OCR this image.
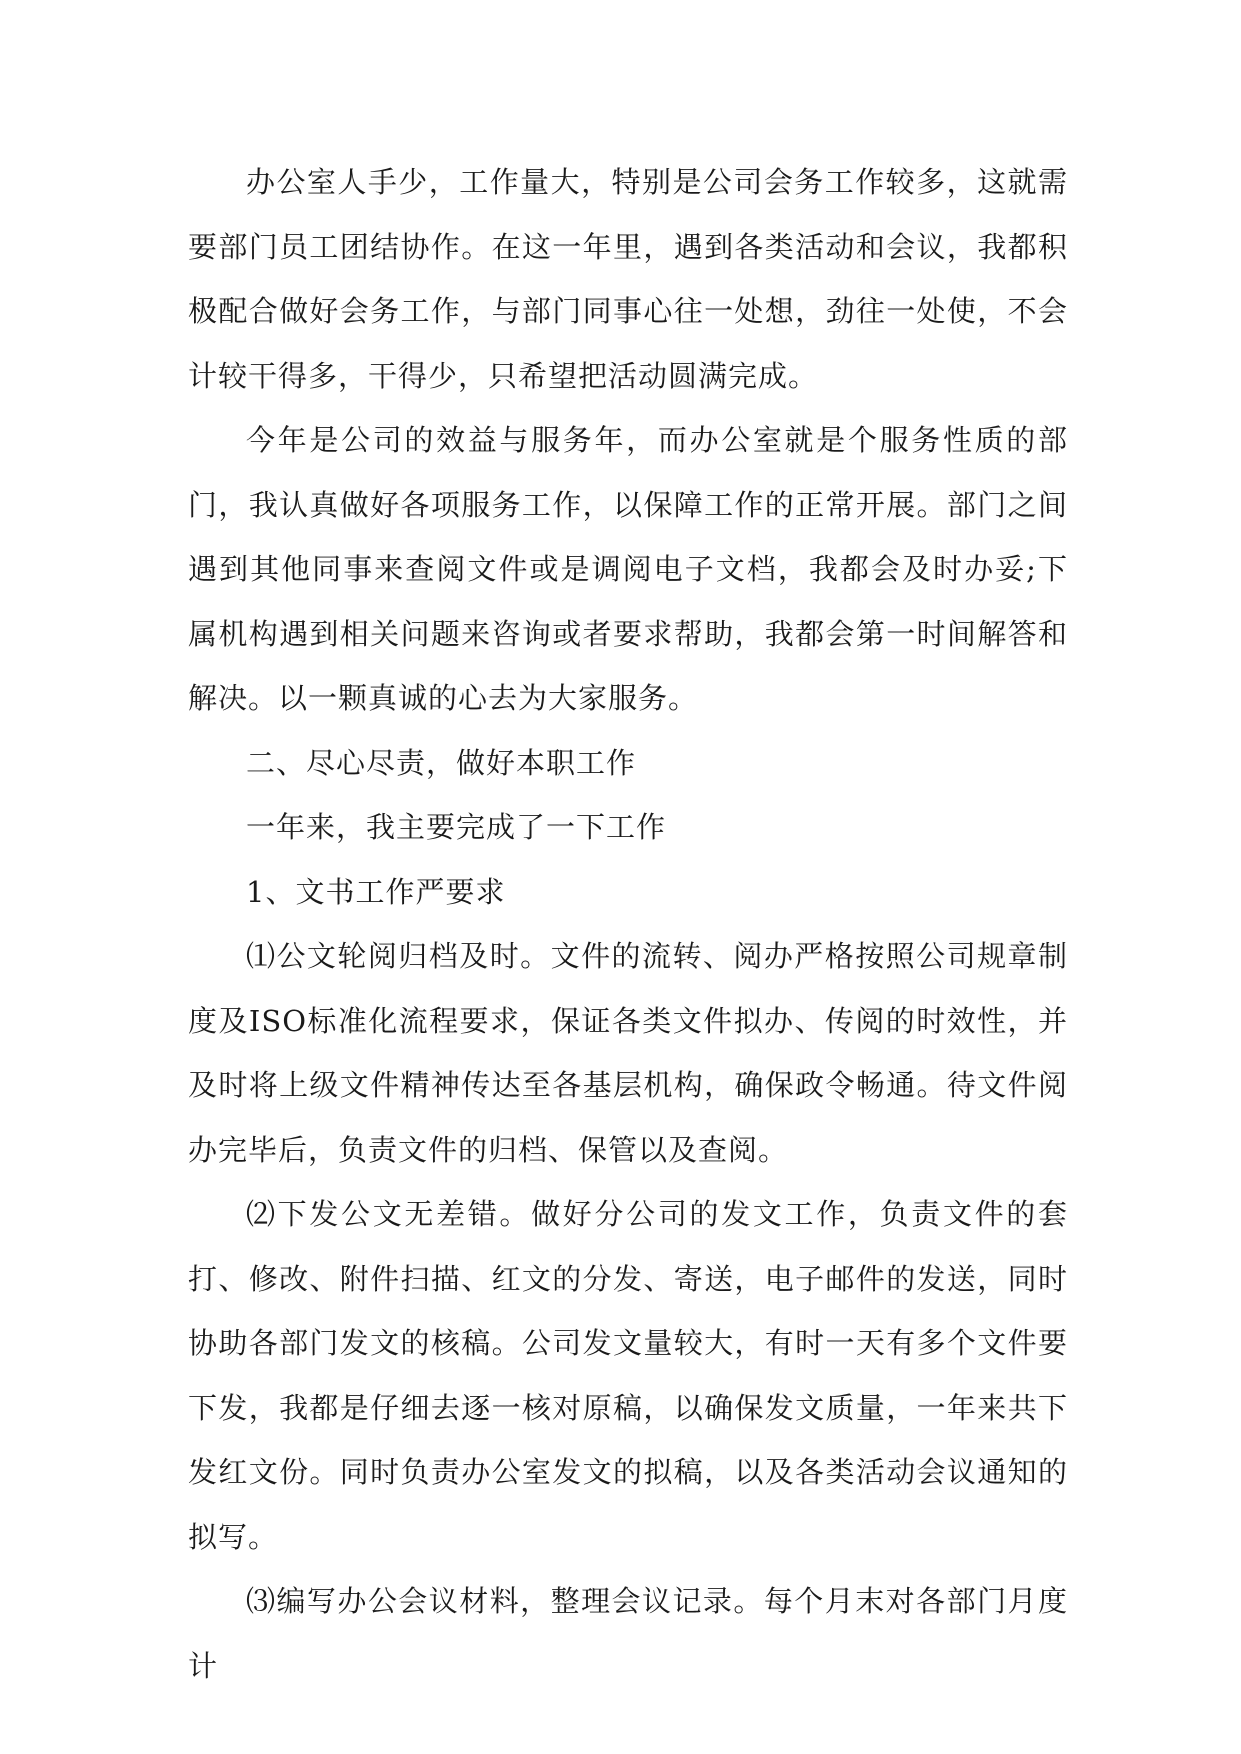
办公室人手少，工作量大，特别是公司会务工作较多，这就需要部门员工团结协作。在这一年里，遇到各类活动和会议，我都积极配合做好会务工作，与部门同事心往一处想，劲往一处使，不会计较干得多，干得少，只希望把活动圆满完成。

今年是公司的效益与服务年，而办公室就是个服务性质的部门，我认真做好各项服务工作，以保障工作的正常开展。部门之间遇到其他同事来查阅文件或是调阅电子文档，我都会及时办妥;下属机构遇到相关问题来咨询或者要求帮助，我都会第一时间解答和解决。以一颗真诚的心去为大家服务。

二、尽心尽责，做好本职工作

一年来，我主要完成了一下工作

1、文书工作严要求

⑴公文轮阅归档及时。文件的流转、阅办严格按照公司规章制度及ISO标准化流程要求，保证各类文件拟办、传阅的时效性，并及时将上级文件精神传达至各基层机构，确保政令畅通。待文件阅办完毕后，负责文件的归档、保管以及查阅。

⑵下发公文无差错。做好分公司的发文工作，负责文件的套打、修改、附件扫描、红文的分发、寄送，电子邮件的发送，同时协助各部门发文的核稿。公司发文量较大，有时一天有多个文件要下发，我都是仔细去逐一核对原稿，以确保发文质量，一年来共下发红文份。同时负责办公室发文的拟稿，以及各类活动会议通知的拟写。

⑶编写办公会议材料，整理会议记录。每个月末对各部门月度计
